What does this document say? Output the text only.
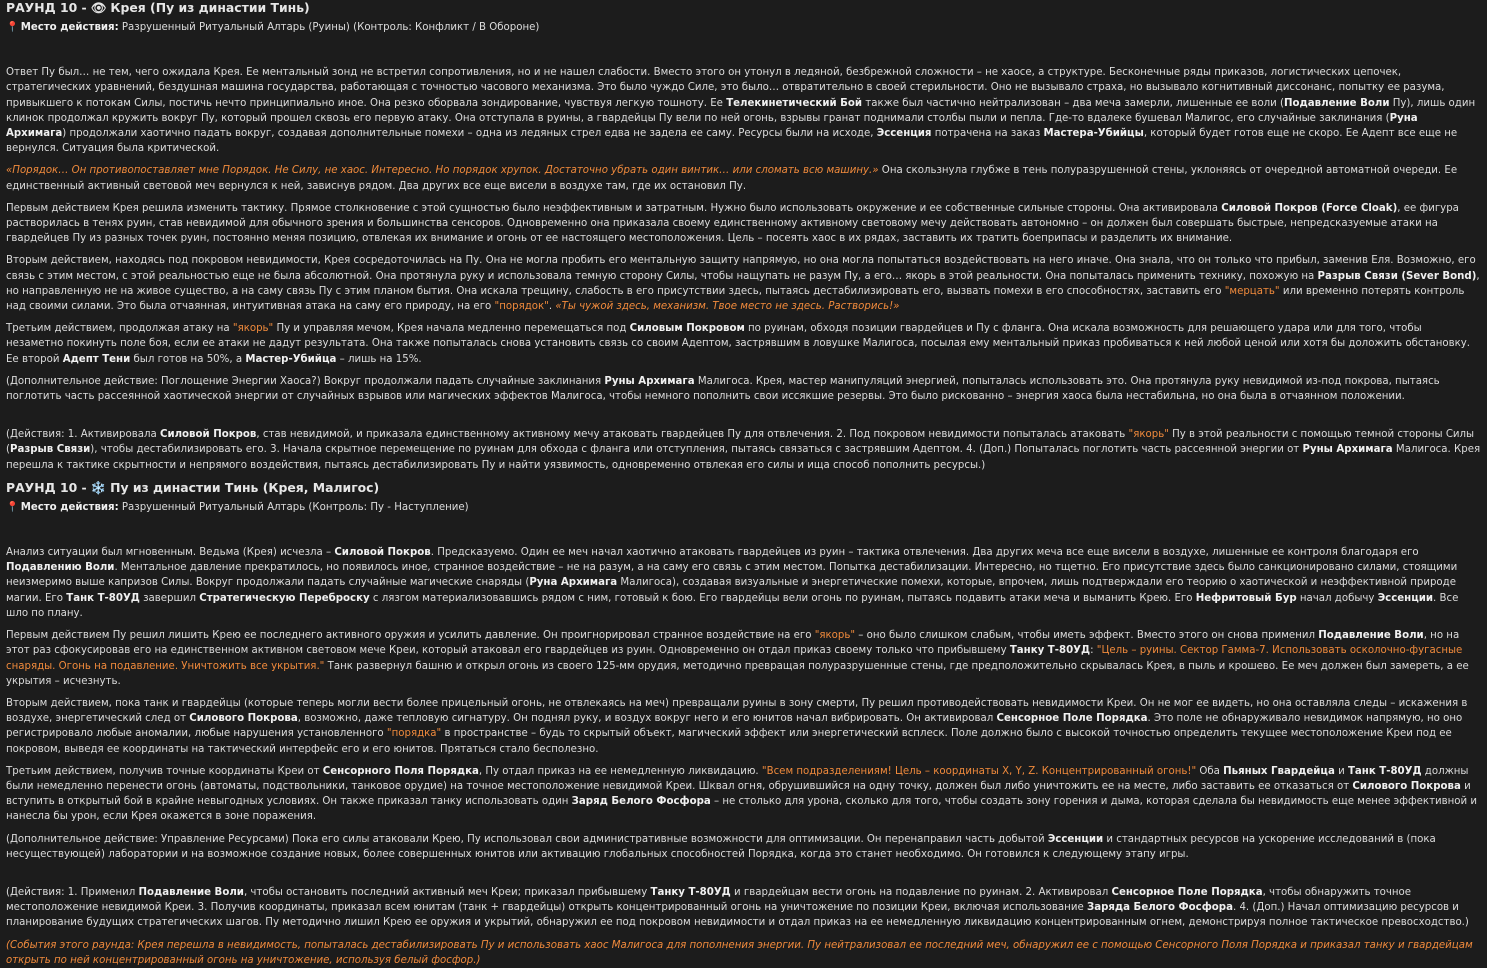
РАУНД 10 - 👁 Крея (Пу из династии Тинь)
📍 Место действия: Разрушенный Ритуальный Алтарь (Руины) (Контроль: Конфликт / В Обороне)

Ответ Пу был… не тем, чего ожидала Крея. Ее ментальный зонд не встретил сопротивления, но и не нашел слабости. Вместо этого он утонул в ледяной, безбрежной сложности – не хаосе, а структуре. Бесконечные ряды приказов, логистических цепочек, стратегических уравнений, бездушная машина государства, работающая с точностью часового механизма. Это было чуждо Силе, это было… отвратительно в своей стерильности. Оно не вызывало страха, но вызывало когнитивный диссонанс, попытку ее разума, привыкшего к потокам Силы, постичь нечто принципиально иное. Она резко оборвала зондирование, чувствуя легкую тошноту. Ее Телекинетический Бой также был частично нейтрализован – два меча замерли, лишенные ее воли (Подавление Воли Пу), лишь один клинок продолжал кружить вокруг Пу, который прошел сквозь его первую атаку. Она отступала в руины, а гвардейцы Пу вели по ней огонь, взрывы гранат поднимали столбы пыли и пепла. Где-то вдалеке бушевал Малигос, его случайные заклинания (Руна Архимага) продолжали хаотично падать вокруг, создавая дополнительные помехи – одна из ледяных стрел едва не задела ее саму. Ресурсы были на исходе, Эссенция потрачена на заказ Мастера-Убийцы, который будет готов еще не скоро. Ее Адепт все еще не вернулся. Ситуация была критической.

«Порядок… Он противопоставляет мне Порядок. Не Силу, не хаос. Интересно. Но порядок хрупок. Достаточно убрать один винтик… или сломать всю машину.» Она скользнула глубже в тень полуразрушенной стены, уклоняясь от очередной автоматной очереди. Ее единственный активный световой меч вернулся к ней, зависнув рядом. Два других все еще висели в воздухе там, где их остановил Пу.

Первым действием Крея решила изменить тактику. Прямое столкновение с этой сущностью было неэффективным и затратным. Нужно было использовать окружение и ее собственные сильные стороны. Она активировала Силовой Покров (Force Cloak), ее фигура растворилась в тенях руин, став невидимой для обычного зрения и большинства сенсоров. Одновременно она приказала своему единственному активному световому мечу действовать автономно – он должен был совершать быстрые, непредсказуемые атаки на гвардейцев Пу из разных точек руин, постоянно меняя позицию, отвлекая их внимание и огонь от ее настоящего местоположения. Цель – посеять хаос в их рядах, заставить их тратить боеприпасы и разделить их внимание.

Вторым действием, находясь под покровом невидимости, Крея сосредоточилась на Пу. Она не могла пробить его ментальную защиту напрямую, но она могла попытаться воздействовать на него иначе. Она знала, что он только что прибыл, заменив Еля. Возможно, его связь с этим местом, с этой реальностью еще не была абсолютной. Она протянула руку и использовала темную сторону Силы, чтобы нащупать не разум Пу, а его… якорь в этой реальности. Она попыталась применить технику, похожую на Разрыв Связи (Sever Bond), но направленную не на живое существо, а на саму связь Пу с этим планом бытия. Она искала трещину, слабость в его присутствии здесь, пытаясь дестабилизировать его, вызвать помехи в его способностях, заставить его "мерцать" или временно потерять контроль над своими силами. Это была отчаянная, интуитивная атака на саму его природу, на его "порядок". «Ты чужой здесь, механизм. Твое место не здесь. Растворись!»

Третьим действием, продолжая атаку на "якорь" Пу и управляя мечом, Крея начала медленно перемещаться под Силовым Покровом по руинам, обходя позиции гвардейцев и Пу с фланга. Она искала возможность для решающего удара или для того, чтобы незаметно покинуть поле боя, если ее атаки не дадут результата. Она также попыталась снова установить связь со своим Адептом, застрявшим в ловушке Малигоса, посылая ему ментальный приказ пробиваться к ней любой ценой или хотя бы доложить обстановку. Ее второй Адепт Тени был готов на 50%, а Мастер-Убийца – лишь на 15%.

(Дополнительное действие: Поглощение Энергии Хаоса?) Вокруг продолжали падать случайные заклинания Руны Архимага Малигоса. Крея, мастер манипуляций энергией, попыталась использовать это. Она протянула руку невидимой из-под покрова, пытаясь поглотить часть рассеянной хаотической энергии от случайных взрывов или магических эффектов Малигоса, чтобы немного пополнить свои иссякшие резервы. Это было рискованно – энергия хаоса была нестабильна, но она была в отчаянном положении.

(Действия: 1. Активировала Силовой Покров, став невидимой, и приказала единственному активному мечу атаковать гвардейцев Пу для отвлечения. 2. Под покровом невидимости попыталась атаковать "якорь" Пу в этой реальности с помощью темной стороны Силы (Разрыв Связи), чтобы дестабилизировать его. 3. Начала скрытное перемещение по руинам для обхода с фланга или отступления, пытаясь связаться с застрявшим Адептом. 4. (Доп.) Попыталась поглотить часть рассеянной энергии от Руны Архимага Малигоса. Крея перешла к тактике скрытности и непрямого воздействия, пытаясь дестабилизировать Пу и найти уязвимость, одновременно отвлекая его силы и ища способ пополнить ресурсы.)

РАУНД 10 - ❄️ Пу из династии Тинь (Крея, Малигос)
📍 Место действия: Разрушенный Ритуальный Алтарь (Контроль: Пу - Наступление)

Анализ ситуации был мгновенным. Ведьма (Крея) исчезла – Силовой Покров. Предсказуемо. Один ее меч начал хаотично атаковать гвардейцев из руин – тактика отвлечения. Два других меча все еще висели в воздухе, лишенные ее контроля благодаря его Подавлению Воли. Ментальное давление прекратилось, но появилось иное, странное воздействие – не на разум, а на саму его связь с этим местом. Попытка дестабилизации. Интересно, но тщетно. Его присутствие здесь было санкционировано силами, стоящими неизмеримо выше капризов Силы. Вокруг продолжали падать случайные магические снаряды (Руна Архимага Малигоса), создавая визуальные и энергетические помехи, которые, впрочем, лишь подтверждали его теорию о хаотической и неэффективной природе магии. Его Танк Т-80УД завершил Стратегическую Переброску с лязгом материализовавшись рядом с ним, готовый к бою. Его гвардейцы вели огонь по руинам, пытаясь подавить атаки меча и выманить Крею. Его Нефритовый Бур начал добычу Эссенции. Все шло по плану.

Первым действием Пу решил лишить Крею ее последнего активного оружия и усилить давление. Он проигнорировал странное воздействие на его "якорь" – оно было слишком слабым, чтобы иметь эффект. Вместо этого он снова применил Подавление Воли, но на этот раз сфокусировав его на единственном активном световом мече Креи, который атаковал его гвардейцев из руин. Одновременно он отдал приказ своему только что прибывшему Танку Т-80УД: "Цель – руины. Сектор Гамма-7. Использовать осколочно-фугасные снаряды. Огонь на подавление. Уничтожить все укрытия." Танк развернул башню и открыл огонь из своего 125-мм орудия, методично превращая полуразрушенные стены, где предположительно скрывалась Крея, в пыль и крошево. Ее меч должен был замереть, а ее укрытия – исчезнуть.

Вторым действием, пока танк и гвардейцы (которые теперь могли вести более прицельный огонь, не отвлекаясь на меч) превращали руины в зону смерти, Пу решил противодействовать невидимости Креи. Он не мог ее видеть, но она оставляла следы – искажения в воздухе, энергетический след от Силового Покрова, возможно, даже тепловую сигнатуру. Он поднял руку, и воздух вокруг него и его юнитов начал вибрировать. Он активировал Сенсорное Поле Порядка. Это поле не обнаруживало невидимок напрямую, но оно регистрировало любые аномалии, любые нарушения установленного "порядка" в пространстве – будь то скрытый объект, магический эффект или энергетический всплеск. Поле должно было с высокой точностью определить текущее местоположение Креи под ее покровом, выведя ее координаты на тактический интерфейс его и его юнитов. Прятаться стало бесполезно.

Третьим действием, получив точные координаты Креи от Сенсорного Поля Порядка, Пу отдал приказ на ее немедленную ликвидацию. "Всем подразделениям! Цель – координаты X, Y, Z. Концентрированный огонь!" Оба Пьяных Гвардейца и Танк Т-80УД должны были немедленно перенести огонь (автоматы, подствольники, танковое орудие) на точное местоположение невидимой Креи. Шквал огня, обрушившийся на одну точку, должен был либо уничтожить ее на месте, либо заставить ее отказаться от Силового Покрова и вступить в открытый бой в крайне невыгодных условиях. Он также приказал танку использовать один Заряд Белого Фосфора – не столько для урона, сколько для того, чтобы создать зону горения и дыма, которая сделала бы невидимость еще менее эффективной и нанесла бы урон, если Крея окажется в зоне поражения.

(Дополнительное действие: Управление Ресурсами) Пока его силы атаковали Крею, Пу использовал свои административные возможности для оптимизации. Он перенаправил часть добытой Эссенции и стандартных ресурсов на ускорение исследований в (пока несуществующей) лаборатории и на возможное создание новых, более совершенных юнитов или активацию глобальных способностей Порядка, когда это станет необходимо. Он готовился к следующему этапу игры.

(Действия: 1. Применил Подавление Воли, чтобы остановить последний активный меч Креи; приказал прибывшему Танку Т-80УД и гвардейцам вести огонь на подавление по руинам. 2. Активировал Сенсорное Поле Порядка, чтобы обнаружить точное местоположение невидимой Креи. 3. Получив координаты, приказал всем юнитам (танк + гвардейцы) открыть концентрированный огонь на уничтожение по позиции Креи, включая использование Заряда Белого Фосфора. 4. (Доп.) Начал оптимизацию ресурсов и планирование будущих стратегических шагов. Пу методично лишил Крею ее оружия и укрытий, обнаружил ее под покровом невидимости и отдал приказ на ее немедленную ликвидацию концентрированным огнем, демонстрируя полное тактическое превосходство.)

(События этого раунда: Крея перешла в невидимость, попыталась дестабилизировать Пу и использовать хаос Малигоса для пополнения энергии. Пу нейтрализовал ее последний меч, обнаружил ее с помощью Сенсорного Поля Порядка и приказал танку и гвардейцам открыть по ней концентрированный огонь на уничтожение, используя белый фосфор.)
